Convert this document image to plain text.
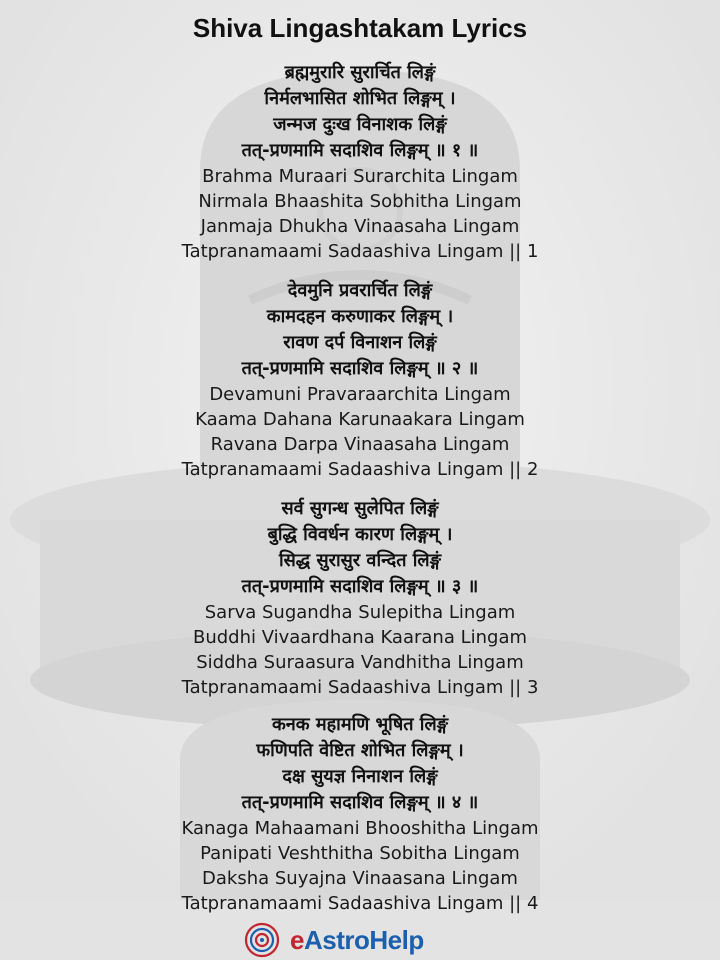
Shiva Lingashtakam Lyrics

ब्रह्ममुरारि सुरार्चित लिङ्गं

निर्मलभासित शोभित लिङ्गम् ।

जन्मज दुःख विनाशक लिङ्गं

तत्-प्रणमामि सदाशिव लिङ्गम् ॥ १ ॥

Brahma Muraari Surarchita Lingam

Nirmala Bhaashita Sobhitha Lingam

Janmaja Dhukha Vinaasaha Lingam

Tatpranamaami Sadaashiva Lingam || 1

देवमुनि प्रवरार्चित लिङ्गं

कामदहन करुणाकर लिङ्गम् ।

रावण दर्प विनाशन लिङ्गं

तत्-प्रणमामि सदाशिव लिङ्गम् ॥ २ ॥

Devamuni Pravaraarchita Lingam

Kaama Dahana Karunaakara Lingam

Ravana Darpa Vinaasaha Lingam

Tatpranamaami Sadaashiva Lingam || 2

सर्व सुगन्ध सुलेपित लिङ्गं

बुद्धि विवर्धन कारण लिङ्गम् ।

सिद्ध सुरासुर वन्दित लिङ्गं

तत्-प्रणमामि सदाशिव लिङ्गम् ॥ ३ ॥

Sarva Sugandha Sulepitha Lingam

Buddhi Vivaardhana Kaarana Lingam

Siddha Suraasura Vandhitha Lingam

Tatpranamaami Sadaashiva Lingam || 3

कनक महामणि भूषित लिङ्गं

फणिपति वेष्टित शोभित लिङ्गम् ।

दक्ष सुयज्ञ निनाशन लिङ्गं

तत्-प्रणमामि सदाशिव लिङ्गम् ॥ ४ ॥

Kanaga Mahaamani Bhooshitha Lingam

Panipati Veshthitha Sobitha Lingam

Daksha Suyajna Vinaasana Lingam

Tatpranamaami Sadaashiva Lingam || 4

eAstroHelp
